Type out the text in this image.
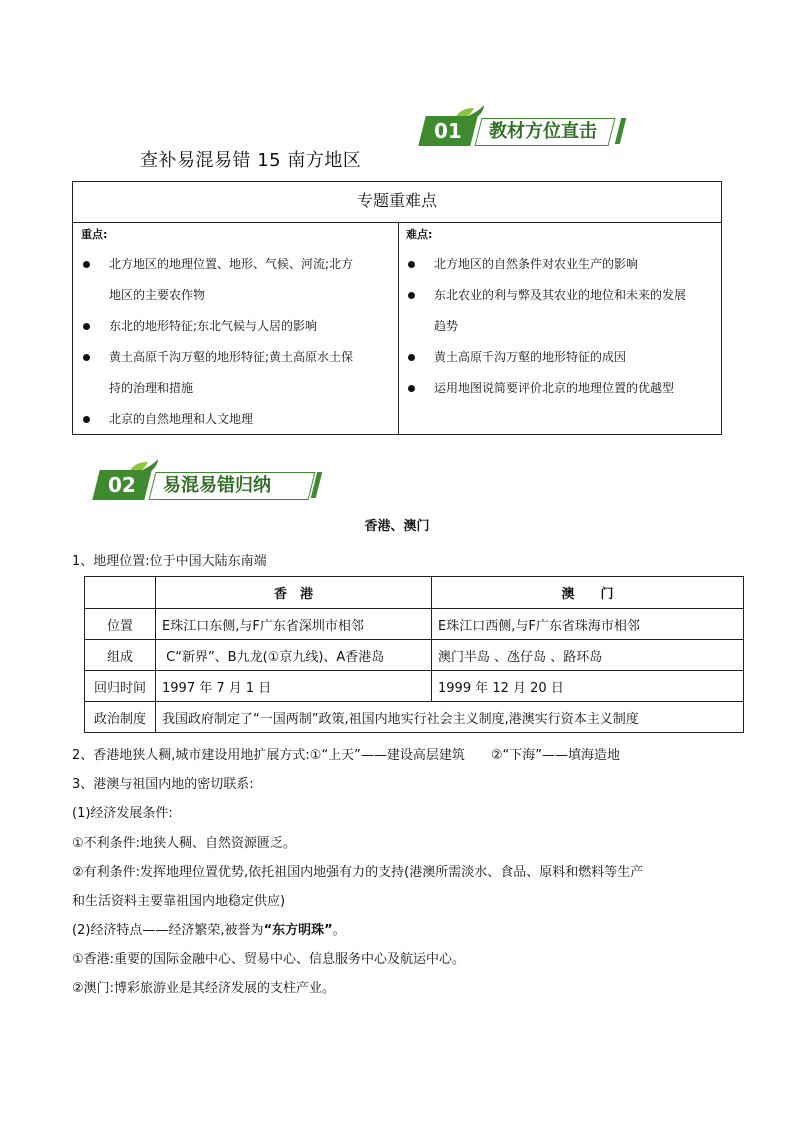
01	教材方位直击
查补易混易错 15 南方地区
专题重难点
重点:
北方地区的地理位置、地形、气候、河流;北方
地区的主要农作物
东北的地形特征;东北气候与人居的影响
黄土高原千沟万壑的地形特征;黄土高原水土保
持的治理和措施
北京的自然地理和人文地理
难点:
北方地区的自然条件对农业生产的影响
东北农业的利与弊及其农业的地位和未来的发展
趋势
黄土高原千沟万壑的地形特征的成因
运用地图说简要评价北京的地理位置的优越型
02	易混易错归纳
香港、澳门
1、地理位置:位于中国大陆东南端
	香　港	澳　　门
位置	E珠江口东侧,与F广东省深圳市相邻	E珠江口西侧,与F广东省珠海市相邻
组成	C“新界”、B九龙(①京九线)、A香港岛	澳门半岛 、氹仔岛 、路环岛
回归时间	1997 年 7 月 1 日	1999 年 12 月 20 日
政治制度	我国政府制定了“一国两制”政策,祖国内地实行社会主义制度,港澳实行资本主义制度	
2、香港地狭人稠,城市建设用地扩展方式:①“上天”——建设高层建筑　　②“下海”——填海造地
3、港澳与祖国内地的密切联系:
(1)经济发展条件:
①不利条件:地狭人稠、自然资源匮乏。
②有利条件:发挥地理位置优势,依托祖国内地强有力的支持(港澳所需淡水、食品、原料和燃料等生产
和生活资料主要靠祖国内地稳定供应)
(2)经济特点——经济繁荣,被誉为“东方明珠”。
①香港:重要的国际金融中心、贸易中心、信息服务中心及航运中心。
②澳门:博彩旅游业是其经济发展的支柱产业。
